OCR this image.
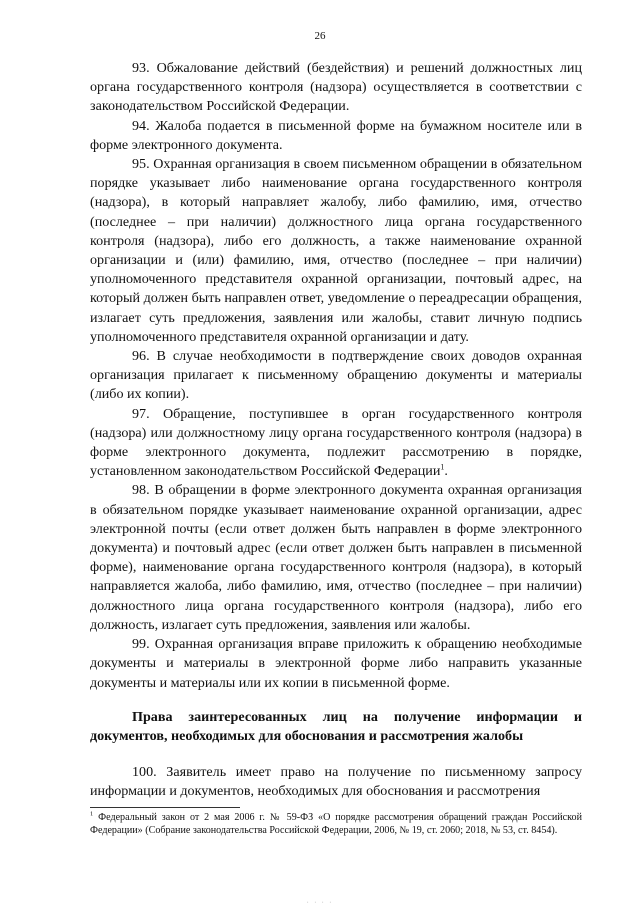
26

93. Обжалование действий (бездействия) и решений должностных лиц органа государственного контроля (надзора) осуществляется в соответствии с законодательством Российской Федерации.

94. Жалоба подается в письменной форме на бумажном носителе или в форме электронного документа.

95. Охранная организация в своем письменном обращении в обязательном порядке указывает либо наименование органа государственного контроля (надзора), в который направляет жалобу, либо фамилию, имя, отчество (последнее – при наличии) должностного лица органа государственного контроля (надзора), либо его должность, а также наименование охранной организации и (или) фамилию, имя, отчество (последнее – при наличии) уполномоченного представителя охранной организации, почтовый адрес, на который должен быть направлен ответ, уведомление о переадресации обращения, излагает суть предложения, заявления или жалобы, ставит личную подпись уполномоченного представителя охранной организации и дату.

96. В случае необходимости в подтверждение своих доводов охранная организация прилагает к письменному обращению документы и материалы (либо их копии).

97. Обращение, поступившее в орган государственного контроля (надзора) или должностному лицу органа государственного контроля (надзора) в форме электронного документа, подлежит рассмотрению в порядке, установленном законодательством Российской Федерации$^1$.

98. В обращении в форме электронного документа охранная организация в обязательном порядке указывает наименование охранной организации, адрес электронной почты (если ответ должен быть направлен в форме электронного документа) и почтовый адрес (если ответ должен быть направлен в письменной форме), наименование органа государственного контроля (надзора), в который направляется жалоба, либо фамилию, имя, отчество (последнее – при наличии) должностного лица органа государственного контроля (надзора), либо его должность, излагает суть предложения, заявления или жалобы.

99. Охранная организация вправе приложить к обращению необходимые документы и материалы в электронной форме либо направить указанные документы и материалы или их копии в письменной форме.

Права заинтересованных лиц на получение информации и документов, необходимых для обоснования и рассмотрения жалобы

100. Заявитель имеет право на получение по письменному запросу информации и документов, необходимых для обоснования и рассмотрения

$^1$ Федеральный закон от 2 мая 2006 г. № 59-ФЗ «О порядке рассмотрения обращений граждан Российской Федерации» (Собрание законодательства Российской Федерации, 2006, № 19, ст. 2060; 2018, № 53, ст. 8454).

· · · ·
